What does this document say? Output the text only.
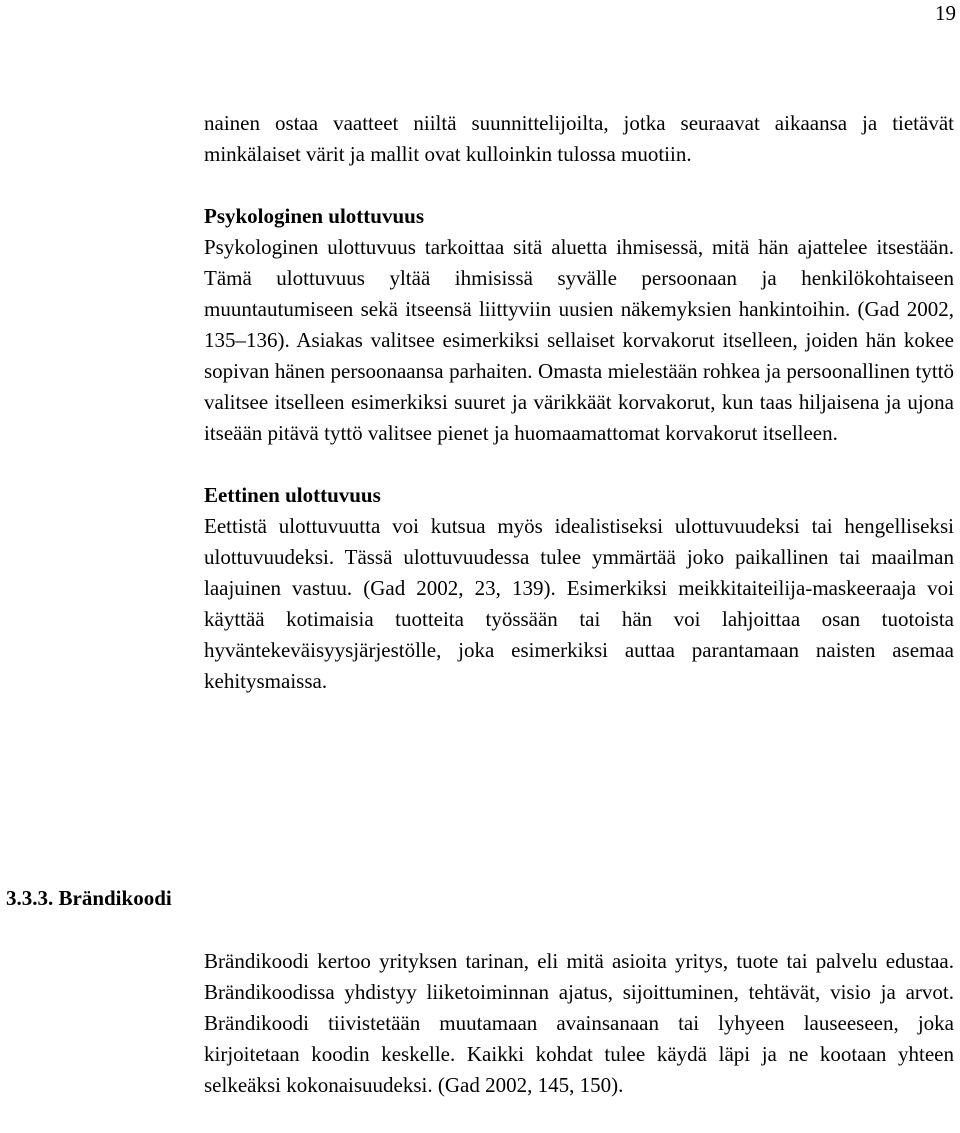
19

nainen ostaa vaatteet niiltä suunnittelijoilta, jotka seuraavat aikaansa ja tietävät minkälaiset värit ja mallit ovat kulloinkin tulossa muotiin.

Psykologinen ulottuvuus

Psykologinen ulottuvuus tarkoittaa sitä aluetta ihmisessä, mitä hän ajattelee itsestään. Tämä ulottuvuus yltää ihmisissä syvälle persoonaan ja henkilökohtaiseen muuntautumiseen sekä itseensä liittyviin uusien näkemyksien hankintoihin. (Gad 2002, 135–136). Asiakas valitsee esimerkiksi sellaiset korvakorut itselleen, joiden hän kokee sopivan hänen persoonaansa parhaiten. Omasta mielestään rohkea ja persoonallinen tyttö valitsee itselleen esimerkiksi suuret ja värikkäät korvakorut, kun taas hiljaisena ja ujona itseään pitävä tyttö valitsee pienet ja huomaamattomat korvakorut itselleen.

Eettinen ulottuvuus

Eettistä ulottuvuutta voi kutsua myös idealistiseksi ulottuvuudeksi tai hengelliseksi ulottuvuudeksi. Tässä ulottuvuudessa tulee ymmärtää joko paikallinen tai maailman laajuinen vastuu. (Gad 2002, 23, 139). Esimerkiksi meikkitaiteilija-maskeeraaja voi käyttää kotimaisia tuotteita työssään tai hän voi lahjoittaa osan tuotoista hyväntekeväisyysjärjestölle, joka esimerkiksi auttaa parantamaan naisten asemaa kehitysmaissa.

3.3.3. Brändikoodi

Brändikoodi kertoo yrityksen tarinan, eli mitä asioita yritys, tuote tai palvelu edustaa. Brändikoodissa yhdistyy liiketoiminnan ajatus, sijoittuminen, tehtävät, visio ja arvot. Brändikoodi tiivistetään muutamaan avainsanaan tai lyhyeen lauseeseen, joka kirjoitetaan koodin keskelle. Kaikki kohdat tulee käydä läpi ja ne kootaan yhteen selkeäksi kokonaisuudeksi. (Gad 2002, 145, 150).
